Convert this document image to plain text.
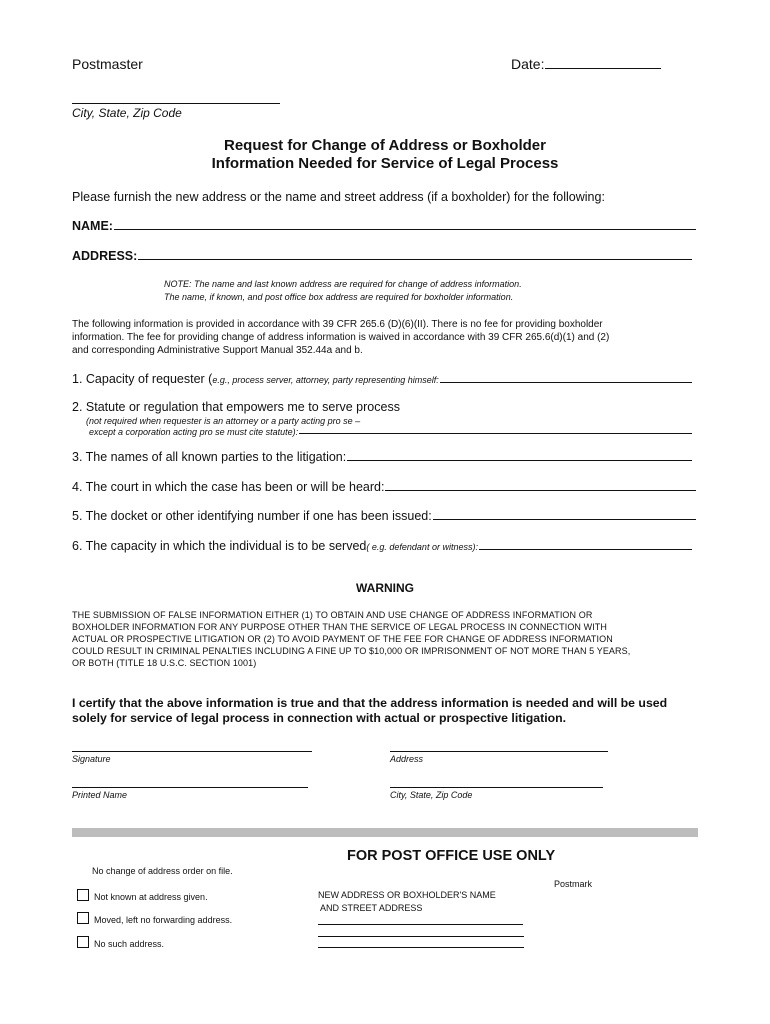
Postmaster	Date:
City, State, Zip Code
Request for Change of Address or Boxholder
Information Needed for Service of Legal Process
Please furnish the new address or the name and street address (if a boxholder) for the following:
NAME:
ADDRESS:
NOTE: The name and last known address are required for change of address information.
The name, if known, and post office box address are required for boxholder information.
The following information is provided in accordance with 39 CFR 265.6 (D)(6)(II). There is no fee for providing boxholder
information. The fee for providing change of address information is waived in accordance with 39 CFR 265.6(d)(1) and (2)
and corresponding Administrative Support Manual 352.44a and b.
1. Capacity of requester ( e.g., process server, attorney, party representing himself:
2. Statute or regulation that empowers me to serve process
(not required when requester is an attorney or a party acting pro se –
except a corporation acting pro se must cite statute):
3. The names of all known parties to the litigation:
4. The court in which the case has been or will be heard:
5. The docket or other identifying number if one has been issued:
6. The capacity in which the individual is to be served ( e.g. defendant or witness):
WARNING
THE SUBMISSION OF FALSE INFORMATION EITHER (1) TO OBTAIN AND USE CHANGE OF ADDRESS INFORMATION OR
BOXHOLDER INFORMATION FOR ANY PURPOSE OTHER THAN THE SERVICE OF LEGAL PROCESS IN CONNECTION WITH
ACTUAL OR PROSPECTIVE LITIGATION OR (2) TO AVOID PAYMENT OF THE FEE FOR CHANGE OF ADDRESS INFORMATION
COULD RESULT IN CRIMINAL PENALTIES INCLUDING A FINE UP TO $10,000 OR IMPRISONMENT OF NOT MORE THAN 5 YEARS,
OR BOTH (TITLE 18 U.S.C. SECTION 1001)
I certify that the above information is true and that the address information is needed and will be used
solely for service of legal process in connection with actual or prospective litigation.
Signature	Address
Printed Name	City, State, Zip Code
FOR POST OFFICE USE ONLY
No change of address order on file.
Postmark
Not known at address given.
Moved, left no forwarding address.
No such address.
NEW ADDRESS OR BOXHOLDER'S NAME
AND STREET ADDRESS
